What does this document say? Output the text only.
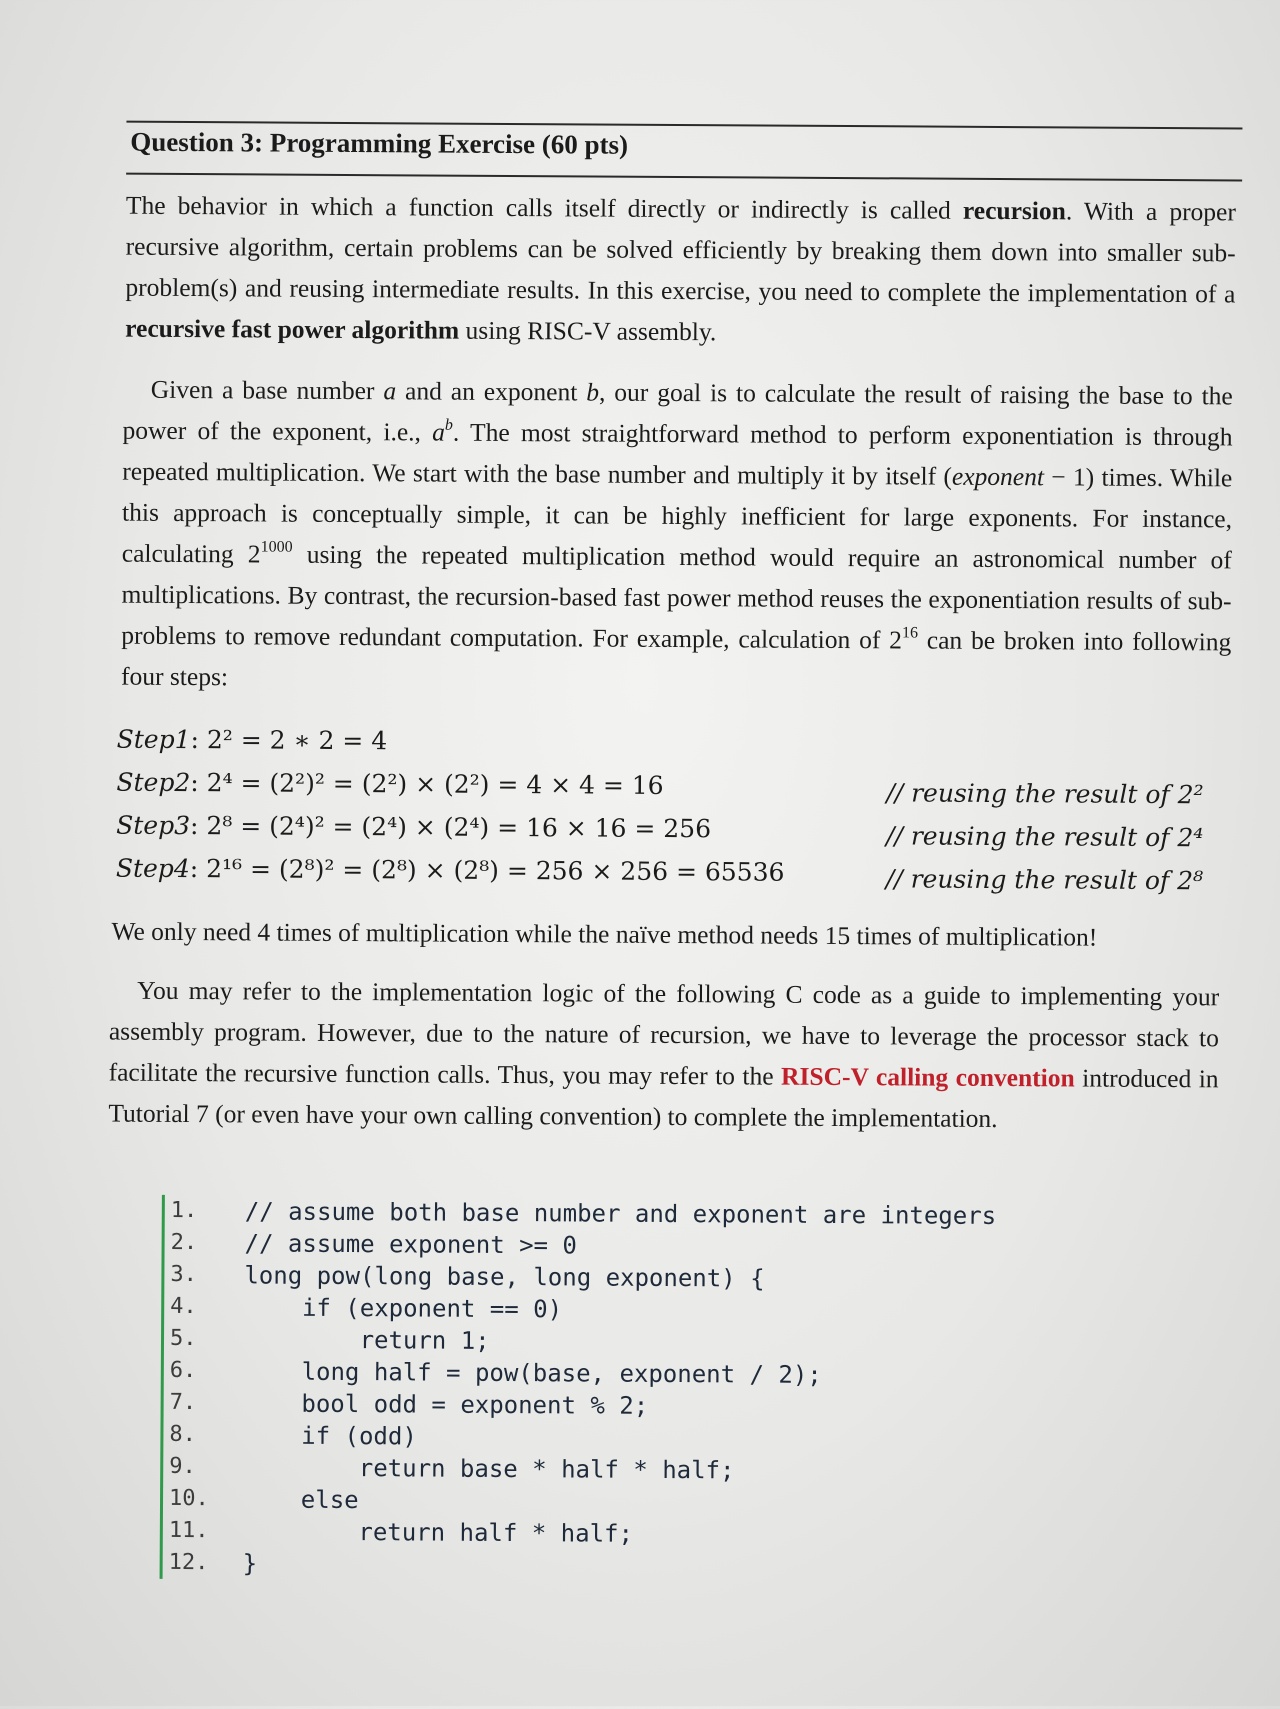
Question 3: Programming Exercise (60 pts)

The behavior in which a function calls itself directly or indirectly is called recursion. With a proper recursive algorithm, certain problems can be solved efficiently by breaking them down into smaller sub-problem(s) and reusing intermediate results. In this exercise, you need to complete the implementation of a recursive fast power algorithm using RISC-V assembly.

Given a base number a and an exponent b, our goal is to calculate the result of raising the base to the power of the exponent, i.e., $a^b$. The most straightforward method to perform exponentiation is through repeated multiplication. We start with the base number and multiply it by itself (exponent − 1) times. While this approach is conceptually simple, it can be highly inefficient for large exponents. For instance, calculating $2^{1000}$ using the repeated multiplication method would require an astronomical number of multiplications. By contrast, the recursion-based fast power method reuses the exponentiation results of sub-problems to remove redundant computation. For example, calculation of $2^{16}$ can be broken into following four steps:

Step1: 2² = 2 ∗ 2 = 4
Step2: 2⁴ = (2²)² = (2²) × (2²) = 4 × 4 = 16	// reusing the result of 2²
Step3: 2⁸ = (2⁴)² = (2⁴) × (2⁴) = 16 × 16 = 256	// reusing the result of 2⁴
Step4: 2¹⁶ = (2⁸)² = (2⁸) × (2⁸) = 256 × 256 = 65536	// reusing the result of 2⁸

We only need 4 times of multiplication while the naïve method needs 15 times of multiplication!

You may refer to the implementation logic of the following C code as a guide to implementing your assembly program. However, due to the nature of recursion, we have to leverage the processor stack to facilitate the recursive function calls. Thus, you may refer to the RISC-V calling convention introduced in Tutorial 7 (or even have your own calling convention) to complete the implementation.

1. // assume both base number and exponent are integers
2. // assume exponent >= 0
3. long pow(long base, long exponent) {
4. if (exponent == 0)
5. return 1;
6. long half = pow(base, exponent / 2);
7. bool odd = exponent % 2;
8. if (odd)
9. return base * half * half;
10. else
11. return half * half;
12. }
